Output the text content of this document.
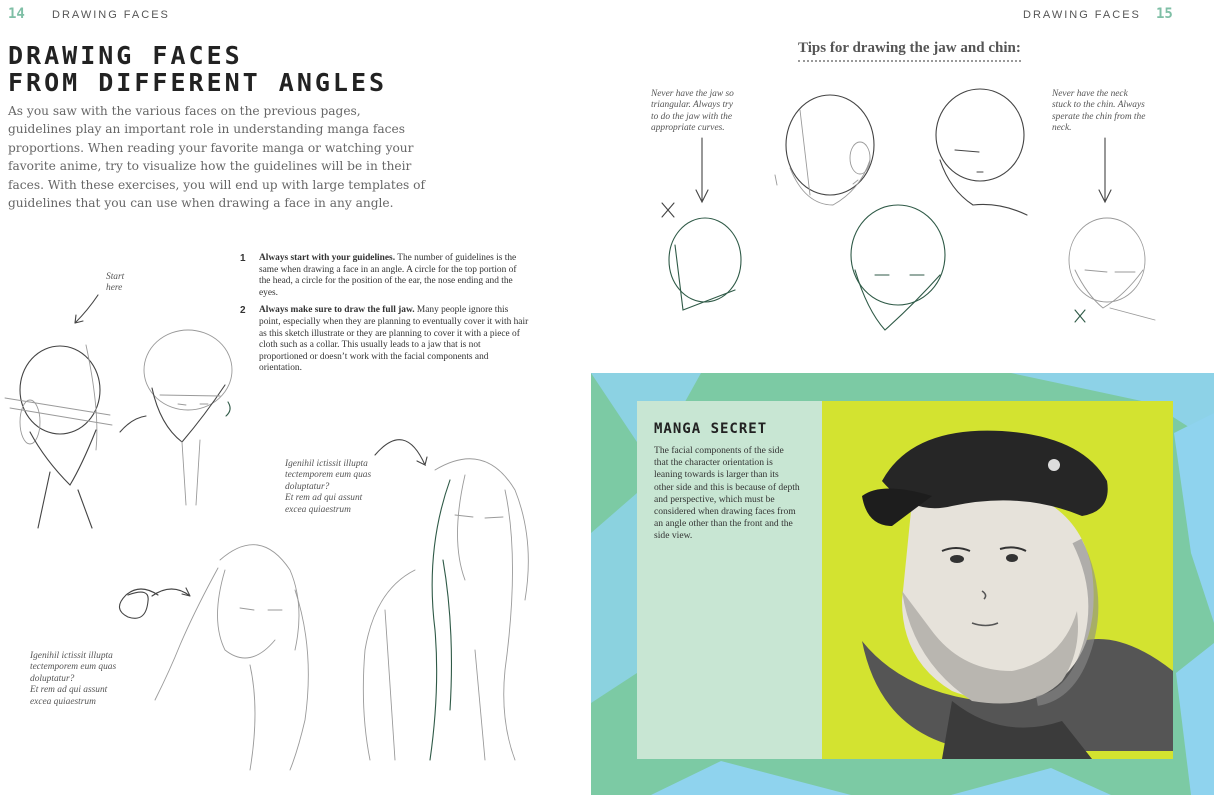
14 DRAWING FACES
DRAWING FACES
FROM DIFFERENT ANGLES

As you saw with the various faces on the previous pages, guidelines play an important role in understanding manga faces proportions. When reading your favorite manga or watching your favorite anime, try to visualize how the guidelines will be in their faces. With these exercises, you will end up with large templates of guidelines that you can use when drawing a face in any angle.

1 Always start with your guidelines. The number of guidelines is the same when drawing a face in an angle. A circle for the top portion of the head, a circle for the position of the ear, the nose ending and the eyes.
2 Always make sure to draw the full jaw. Many people ignore this point, especially when they are planning to eventually cover it with hair as this sketch illustrate or they are planning to cover it with a piece of cloth such as a collar. This usually leads to a jaw that is not proportioned or doesn’t work with the facial components and orientation.
Start
here
Igenihil ictissit illupta
tectemporem eum quas
doluptatur?
Et rem ad qui assunt
excea quiaestrum
Igenihil ictissit illupta
tectemporem eum quas
doluptatur?
Et rem ad qui assunt
excea quiaestrum
DRAWING FACES 15
Tips for drawing the jaw and chin:
Never have the jaw so
triangular. Always try
to do the jaw with the
appropriate curves.
Never have the neck
stuck to the chin. Always
sperate the chin from the
neck.
MANGA SECRET
The facial components of the side that the character orientation is leaning towards is larger than its other side and this is because of depth and perspective, which must be considered when drawing faces from an angle other than the front and the side view.
